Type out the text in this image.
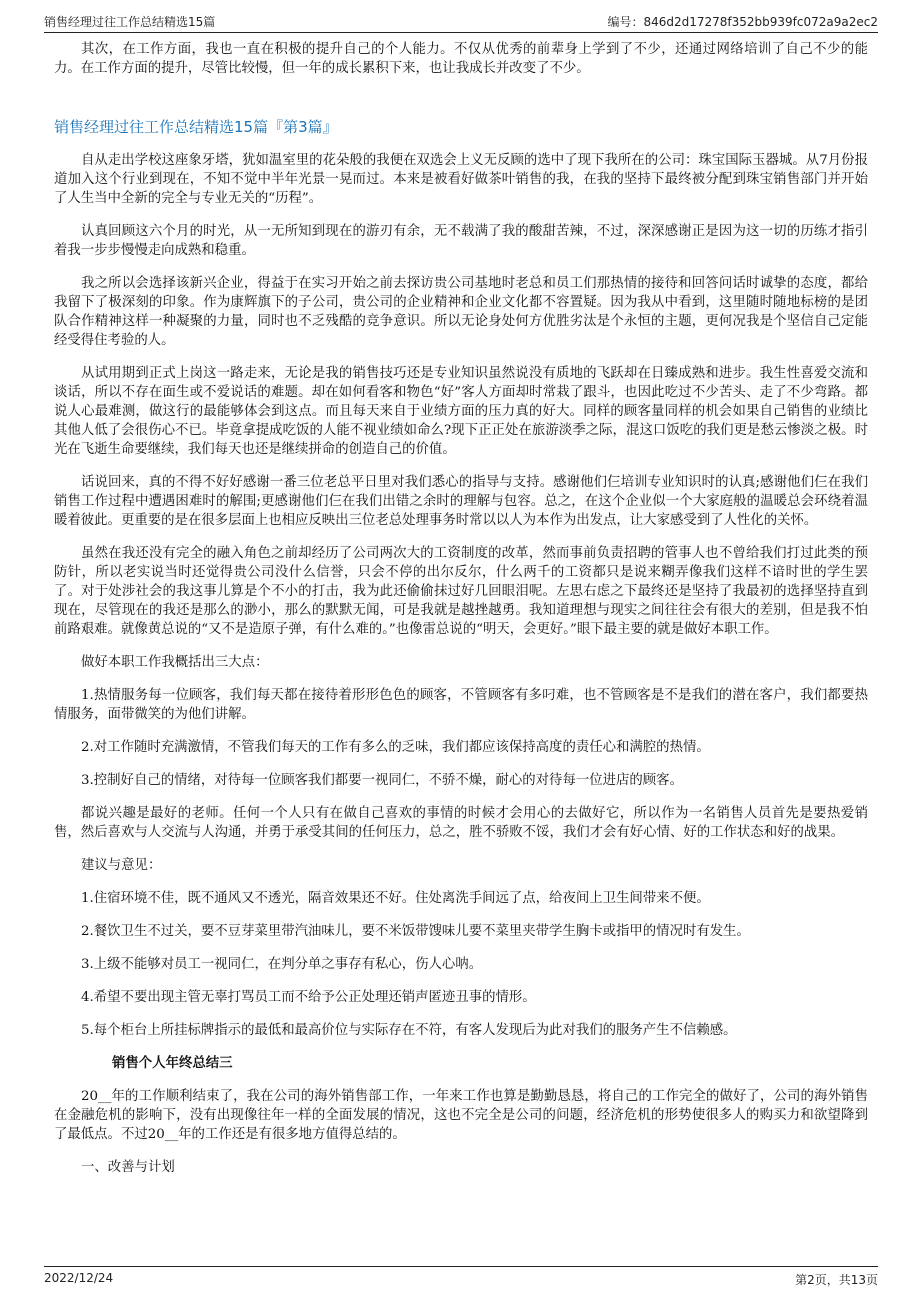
销售经理过往工作总结精选15篇	编号：846d2d17278f352bb939fc072a9a2ec2

其次，在工作方面，我也一直在积极的提升自己的个人能力。不仅从优秀的前辈身上学到了不少，还通过网络培训了自己不少的能力。在工作方面的提升，尽管比较慢，但一年的成长累积下来，也让我成长并改变了不少。

销售经理过往工作总结精选15篇『第3篇』

自从走出学校这座象牙塔，犹如温室里的花朵般的我便在双选会上义无反顾的选中了现下我所在的公司：珠宝国际玉器城。从7月份报道加入这个行业到现在，不知不觉中半年光景一晃而过。本来是被看好做茶叶销售的我，在我的坚持下最终被分配到珠宝销售部门并开始了人生当中全新的完全与专业无关的“历程”。

认真回顾这六个月的时光，从一无所知到现在的游刃有余，无不载满了我的酸甜苦辣，不过，深深感谢正是因为这一切的历练才指引着我一步步慢慢走向成熟和稳重。

我之所以会选择该新兴企业，得益于在实习开始之前去探访贵公司基地时老总和员工们那热情的接待和回答问话时诚挚的态度，都给我留下了极深刻的印象。作为康辉旗下的子公司，贵公司的企业精神和企业文化都不容置疑。因为我从中看到，这里随时随地标榜的是团队合作精神这样一种凝聚的力量，同时也不乏残酷的竞争意识。所以无论身处何方优胜劣汰是个永恒的主题，更何况我是个坚信自己定能经受得住考验的人。

从试用期到正式上岗这一路走来，无论是我的销售技巧还是专业知识虽然说没有质地的飞跃却在日臻成熟和进步。我生性喜爱交流和谈话，所以不存在面生或不爱说话的难题。却在如何看客和物色“好”客人方面却时常栽了跟斗，也因此吃过不少苦头、走了不少弯路。都说人心最难测，做这行的最能够体会到这点。而且每天来自于业绩方面的压力真的好大。同样的顾客量同样的机会如果自己销售的业绩比其他人低了会很伤心不已。毕竟拿提成吃饭的人能不视业绩如命么?现下正正处在旅游淡季之际，混这口饭吃的我们更是愁云惨淡之极。时光在飞逝生命要继续，我们每天也还是继续拼命的创造自己的价值。

话说回来，真的不得不好好感谢一番三位老总平日里对我们悉心的指导与支持。感谢他们仨培训专业知识时的认真;感谢他们仨在我们销售工作过程中遭遇困难时的解围;更感谢他们仨在我们出错之余时的理解与包容。总之，在这个企业似一个大家庭般的温暖总会环绕着温暖着彼此。更重要的是在很多层面上也相应反映出三位老总处理事务时常以以人为本作为出发点，让大家感受到了人性化的关怀。

虽然在我还没有完全的融入角色之前却经历了公司两次大的工资制度的改革，然而事前负责招聘的管事人也不曾给我们打过此类的预防针，所以老实说当时还觉得贵公司没什么信誉，只会不停的出尔反尔，什么两千的工资都只是说来糊弄像我们这样不谙时世的学生罢了。对于处涉社会的我这事儿算是个不小的打击，我为此还偷偷抹过好几回眼泪呢。左思右虑之下最终还是坚持了我最初的选择坚持直到现在，尽管现在的我还是那么的渺小，那么的默默无闻，可是我就是越挫越勇。我知道理想与现实之间往往会有很大的差别，但是我不怕前路艰难。就像黄总说的“又不是造原子弹，有什么难的。”也像雷总说的“明天，会更好。”眼下最主要的就是做好本职工作。

做好本职工作我概括出三大点：

1.热情服务每一位顾客，我们每天都在接待着形形色色的顾客，不管顾客有多叼难，也不管顾客是不是我们的潜在客户，我们都要热情服务，面带微笑的为他们讲解。

2.对工作随时充满激情，不管我们每天的工作有多么的乏味，我们都应该保持高度的责任心和满腔的热情。

3.控制好自己的情绪，对待每一位顾客我们都要一视同仁，不骄不燥，耐心的对待每一位进店的顾客。

都说兴趣是最好的老师。任何一个人只有在做自己喜欢的事情的时候才会用心的去做好它，所以作为一名销售人员首先是要热爱销售，然后喜欢与人交流与人沟通，并勇于承受其间的任何压力，总之，胜不骄败不馁，我们才会有好心情、好的工作状态和好的战果。

建议与意见：

1.住宿环境不佳，既不通风又不透光，隔音效果还不好。住处离洗手间远了点，给夜间上卫生间带来不便。

2.餐饮卫生不过关，要不豆芽菜里带汽油味儿，要不米饭带馊味儿要不菜里夹带学生胸卡或指甲的情况时有发生。

3.上级不能够对员工一视同仁，在判分单之事存有私心，伤人心呐。

4.希望不要出现主管无辜打骂员工而不给予公正处理还销声匿迹丑事的情形。

5.每个柜台上所挂标牌指示的最低和最高价位与实际存在不符，有客人发现后为此对我们的服务产生不信赖感。

销售个人年终总结三

20__年的工作顺利结束了，我在公司的海外销售部工作，一年来工作也算是勤勤恳恳，将自己的工作完全的做好了，公司的海外销售在金融危机的影响下，没有出现像往年一样的全面发展的情况，这也不完全是公司的问题，经济危机的形势使很多人的购买力和欲望降到了最低点。不过20__年的工作还是有很多地方值得总结的。

一、改善与计划

2022/12/24	第2页，共13页
